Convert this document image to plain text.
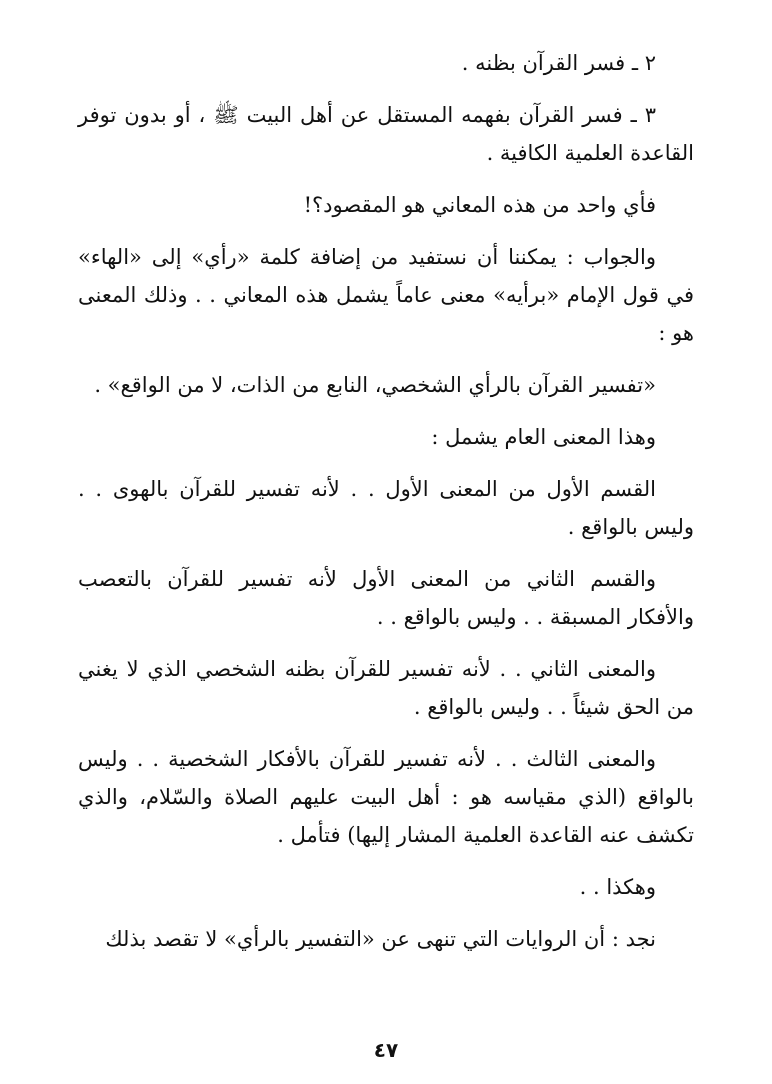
٢ ـ فسر القرآن بظنه .

٣ ـ فسر القرآن بفهمه المستقل عن أهل البيت ﷺ ، أو بدون توفر القاعدة العلمية الكافية .

فأي واحد من هذه المعاني هو المقصود؟!

والجواب : يمكننا أن نستفيد من إضافة كلمة «رأي» إلى «الهاء» في قول الإمام «برأيه» معنى عاماً يشمل هذه المعاني . . وذلك المعنى هو :

«تفسير القرآن بالرأي الشخصي، النابع من الذات، لا من الواقع» .

وهذا المعنى العام يشمل :

القسم الأول من المعنى الأول . . لأنه تفسير للقرآن بالهوى . . وليس بالواقع .

والقسم الثاني من المعنى الأول لأنه تفسير للقرآن بالتعصب والأفكار المسبقة . . وليس بالواقع . .

والمعنى الثاني . . لأنه تفسير للقرآن بظنه الشخصي الذي لا يغني من الحق شيئاً . . وليس بالواقع .

والمعنى الثالث . . لأنه تفسير للقرآن بالأفكار الشخصية . . وليس بالواقع (الذي مقياسه هو : أهل البيت عليهم الصلاة والسّلام، والذي تكشف عنه القاعدة العلمية المشار إليها) فتأمل .

وهكذا . .

نجد : أن الروايات التي تنهى عن «التفسير بالرأي» لا تقصد بذلك

٤٧
